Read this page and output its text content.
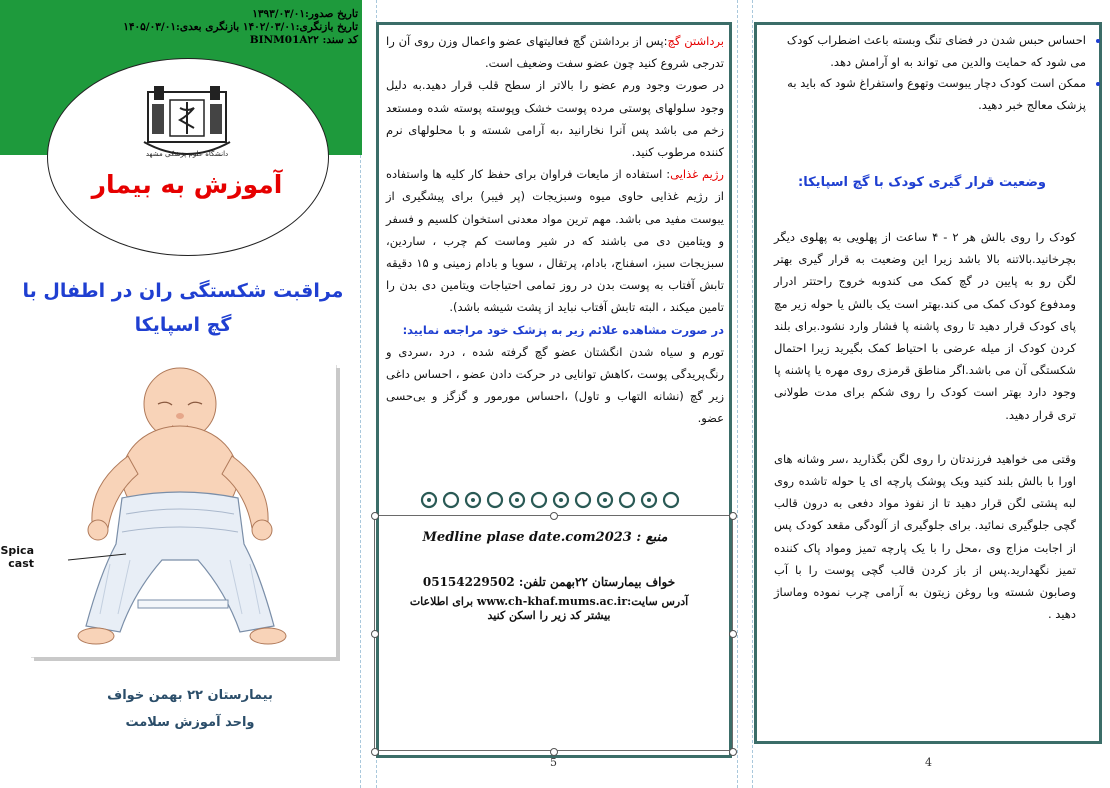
تاریخ صدور:۱۳۹۳/۰۳/۰۱
تاریخ بازنگری:۱۴۰۲/۰۳/۰۱ بازنگری بعدی:۱۴۰۵/۰۳/۰۱
کد سند: BINM01A۲۲
دانشگاه علوم پزشکی مشهد
آموزش به بیمار
مراقبت شکستگی ران در اطفال با گچ اسپایکا
Spica
cast
بیمارستان ۲۲ بهمن خواف
واحد آموزش سلامت

برداشتن گچ:پس از برداشتن گچ فعالیتهای عضو واعمال وزن روی آن را تدرجی شروع کنید چون عضو سفت وضعیف است.

در صورت وجود ورم عضو را بالاتر از سطح قلب قرار دهید.به دلیل وجود سلولهای پوستی مرده پوست خشک وپوسته پوسته شده ومستعد زخم می باشد پس آنرا نخارانید ،به آرامی شسته و با محلولهای نرم کننده مرطوب کنید.

رژیم غذایی: استفاده از مایعات فراوان برای حفظ کار کلیه ها واستفاده از رژیم غذایی حاوی میوه وسبزیجات (پر فیبر) برای پیشگیری از یبوست مفید می باشد. مهم ترین مواد معدنی استخوان کلسیم و فسفر و ویتامین دی می باشند که در شیر وماست کم چرب ، ساردین، سبزیجات سبز، اسفناج، بادام، پرتقال ، سویا و بادام زمینی و ۱۵ دقیقه تابش آفتاب به پوست بدن در روز تمامی احتیاجات ویتامین دی بدن را تامین میکند ، البته تابش آفتاب نباید از پشت شیشه باشد).

در صورت مشاهده علائم زیر به پزشک خود مراجعه نمایید:

تورم و سیاه شدن انگشتان عضو گچ گرفته شده ، درد ،سردی و رنگ‌پریدگی پوست ،کاهش توانایی در حرکت دادن عضو ، احساس داغی زیر گچ (نشانه التهاب و تاول) ،احساس مورمور و گزگز و بی‌حسی عضو.

منبع : Medline plase date.com2023
خواف بیمارستان ۲۲بهمن تلفن: 05154229502
آدرس سایت:www.ch-khaf.mums.ac.ir برای اطلاعات
بیشتر کد زیر را اسکن کنید
5
• احساس حبس شدن در فضای تنگ وبسته باعث اضطراب کودک می شود که حمایت والدین می تواند به او آرامش دهد.
• ممکن است کودک دچار یبوست وتهوع واستفراغ شود که باید به پزشک معالج خبر دهید.
وضعیت قرار گیری کودک با گچ اسپایکا:

کودک را روی بالش هر ۲ - ۴ ساعت از پهلویی به پهلوی دیگر بچرخانید.بالاتنه بالا باشد زیرا این وضعیت به قرار گیری بهتر لگن رو به پایین در گچ کمک می کندوبه خروج راحتتر ادرار ومدفوع کودک کمک می کند.بهتر است یک بالش یا حوله زیر مچ پای کودک قرار دهید تا روی پاشنه پا فشار وارد نشود.برای بلند کردن کودک از میله عرضی با احتیاط کمک بگیرید زیرا احتمال شکستگی آن می باشد.اگر مناطق قرمزی روی مهره یا پاشنه پا وجود دارد بهتر است کودک را روی شکم برای مدت طولانی تری قرار دهید.

وقتی می خواهید فرزندتان را روی لگن بگذارید ،سر وشانه های اورا با بالش بلند کنید ویک پوشک پارچه ای یا حوله تاشده روی لبه پشتی لگن قرار دهید تا از نفوذ مواد دفعی به درون قالب گچی جلوگیری نمائید. برای جلوگیری از آلودگی مقعد کودک پس از اجابت مزاج وی ،محل را با یک پارچه تمیز ومواد پاک کننده تمیز نگهدارید.پس از باز کردن قالب گچی پوست را با آب وصابون شسته وبا روغن زیتون به آرامی چرب نموده وماساژ دهید .

4
